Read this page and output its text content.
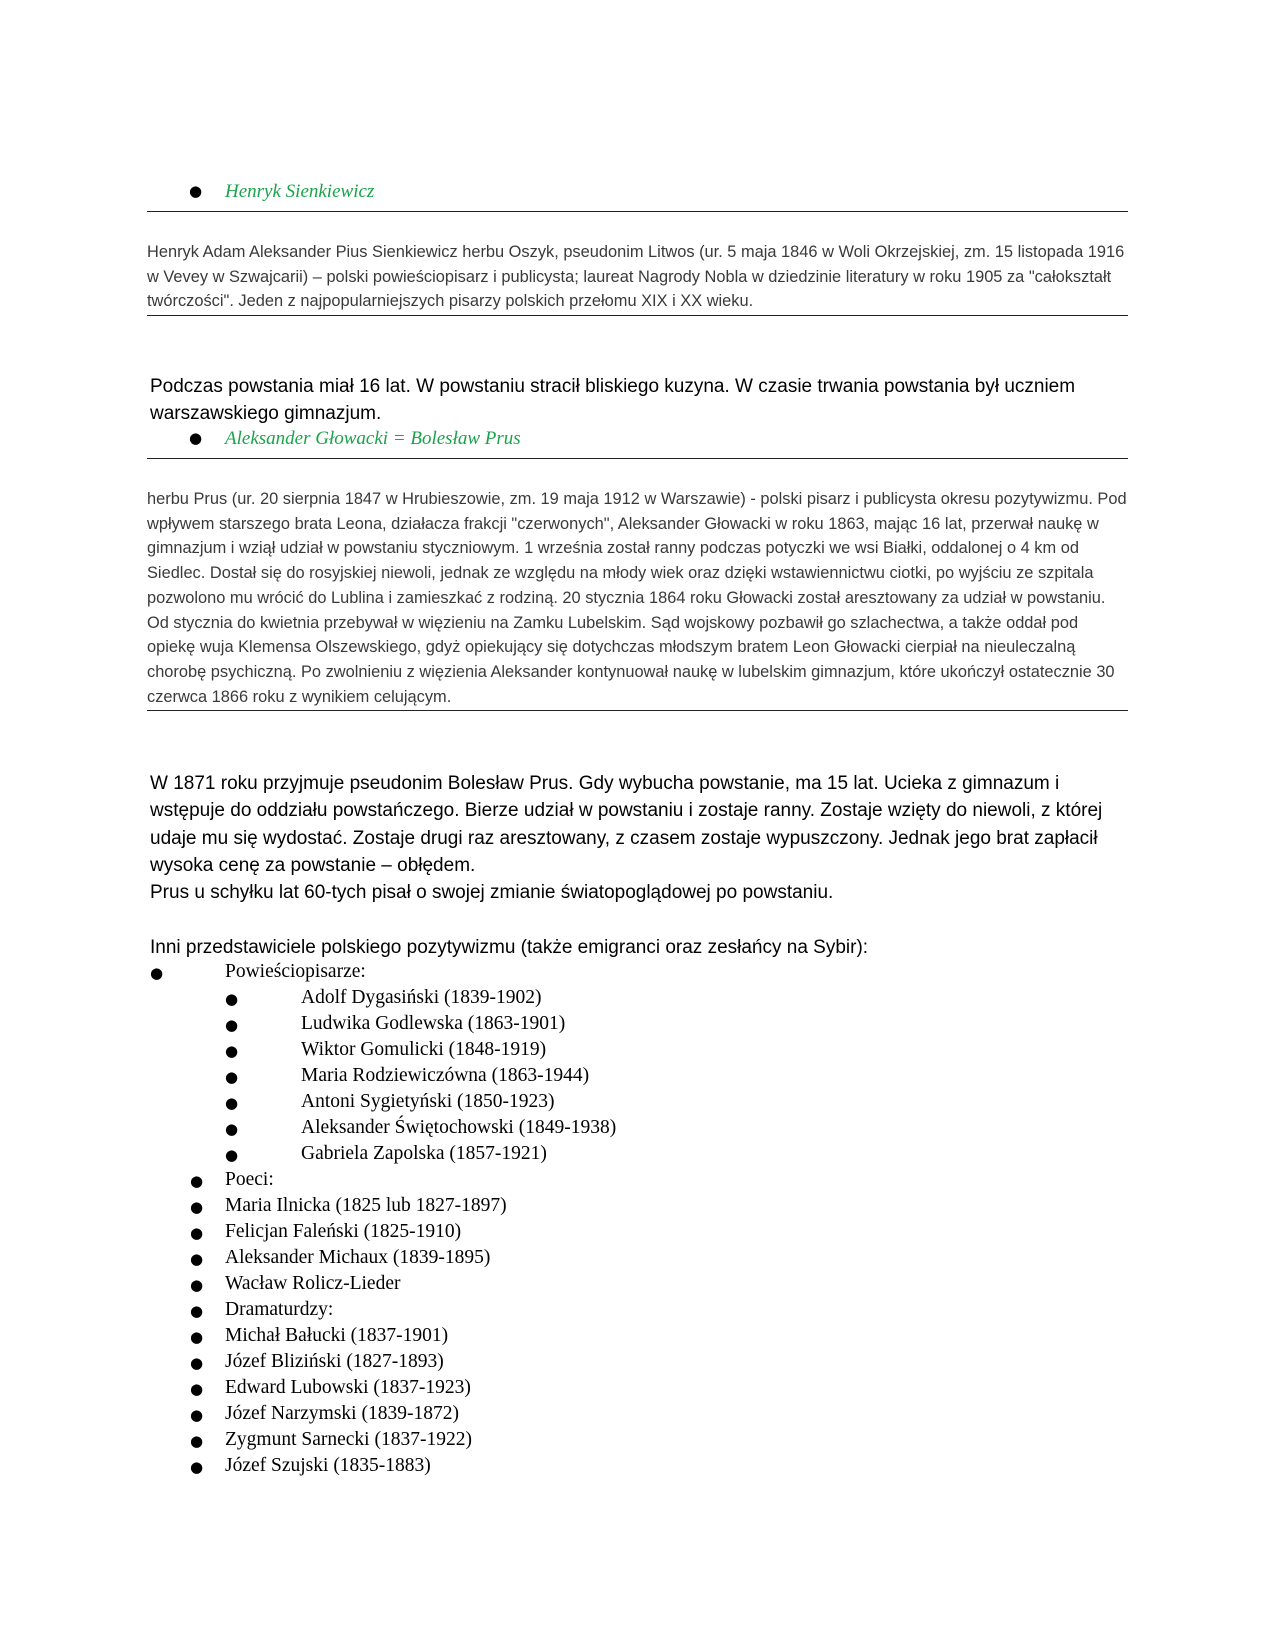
● Henryk Sienkiewicz
Henryk Adam Aleksander Pius Sienkiewicz herbu Oszyk, pseudonim Litwos (ur. 5 maja 1846 w Woli Okrzejskiej, zm. 15 listopada 1916 w Vevey w Szwajcarii) – polski powieściopisarz i publicysta; laureat Nagrody Nobla w dziedzinie literatury w roku 1905 za "całokształt twórczości". Jeden z najpopularniejszych pisarzy polskich przełomu XIX i XX wieku.
Podczas powstania miał 16 lat. W powstaniu stracił bliskiego kuzyna. W czasie trwania powstania był uczniem warszawskiego gimnazjum.
● Aleksander Głowacki = Bolesław Prus
herbu Prus (ur. 20 sierpnia 1847 w Hrubieszowie, zm. 19 maja 1912 w Warszawie) - polski pisarz i publicysta okresu pozytywizmu. Pod wpływem starszego brata Leona, działacza frakcji "czerwonych", Aleksander Głowacki w roku 1863, mając 16 lat, przerwał naukę w gimnazjum i wziął udział w powstaniu styczniowym. 1 września został ranny podczas potyczki we wsi Białki, oddalonej o 4 km od Siedlec. Dostał się do rosyjskiej niewoli, jednak ze względu na młody wiek oraz dzięki wstawiennictwu ciotki, po wyjściu ze szpitala pozwolono mu wrócić do Lublina i zamieszkać z rodziną. 20 stycznia 1864 roku Głowacki został aresztowany za udział w powstaniu. Od stycznia do kwietnia przebywał w więzieniu na Zamku Lubelskim. Sąd wojskowy pozbawił go szlachectwa, a także oddał pod opiekę wuja Klemensa Olszewskiego, gdyż opiekujący się dotychczas młodszym bratem Leon Głowacki cierpiał na nieuleczalną chorobę psychiczną. Po zwolnieniu z więzienia Aleksander kontynuował naukę w lubelskim gimnazjum, które ukończył ostatecznie 30 czerwca 1866 roku z wynikiem celującym.
W 1871 roku przyjmuje pseudonim Bolesław Prus. Gdy wybucha powstanie, ma 15 lat. Ucieka z gimnazum i wstępuje do oddziału powstańczego. Bierze udział w powstaniu i zostaje ranny. Zostaje wzięty do niewoli, z której udaje mu się wydostać. Zostaje drugi raz aresztowany, z czasem zostaje wypuszczony. Jednak jego brat zapłacił wysoka cenę za powstanie – obłędem.
Prus u schyłku lat 60-tych pisał o swojej zmianie światopoglądowej po powstaniu.
Inni przedstawiciele polskiego pozytywizmu (także emigranci oraz zesłańcy na Sybir):
●	Powieściopisarze:
●	Adolf Dygasiński (1839-1902)
●	Ludwika Godlewska (1863-1901)
●	Wiktor Gomulicki (1848-1919)
●	Maria Rodziewiczówna (1863-1944)
●	Antoni Sygietyński (1850-1923)
●	Aleksander Świętochowski (1849-1938)
●	Gabriela Zapolska (1857-1921)
● Poeci:
● Maria Ilnicka (1825 lub 1827-1897)
● Felicjan Faleński (1825-1910)
● Aleksander Michaux (1839-1895)
● Wacław Rolicz-Lieder
● Dramaturdzy:
● Michał Bałucki (1837-1901)
● Józef Bliziński (1827-1893)
● Edward Lubowski (1837-1923)
● Józef Narzymski (1839-1872)
● Zygmunt Sarnecki (1837-1922)
● Józef Szujski (1835-1883)
